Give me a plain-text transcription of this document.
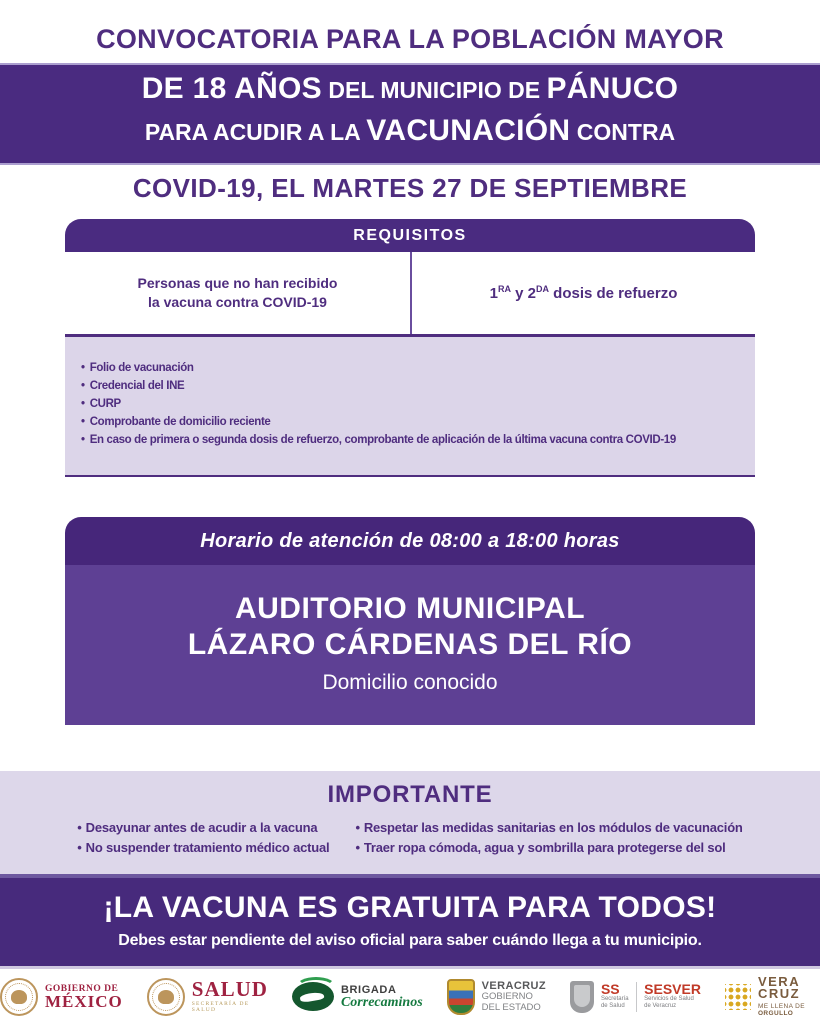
CONVOCATORIA PARA LA POBLACIÓN MAYOR
DE 18 AÑOS DEL MUNICIPIO DE PÁNUCO
PARA ACUDIR A LA VACUNACIÓN CONTRA
COVID-19, EL MARTES 27 DE SEPTIEMBRE
REQUISITOS
Personas que no han recibido
la vacuna contra COVID-19	$1^{RA}$ y $2^{DA}$ dosis de refuerzo
• Folio de vacunación
• Credencial del INE
• CURP
• Comprobante de domicilio reciente
• En caso de primera o segunda dosis de refuerzo, comprobante de aplicación de la última vacuna contra COVID-19
Horario de atención de 08:00 a 18:00 horas
AUDITORIO MUNICIPAL
LÁZARO CÁRDENAS DEL RÍO
Domicilio conocido
IMPORTANTE
• Desayunar antes de acudir a la vacuna
• No suspender tratamiento médico actual
• Respetar las medidas sanitarias en los módulos de vacunación
• Traer ropa cómoda, agua y sombrilla para protegerse del sol
¡LA VACUNA ES GRATUITA PARA TODOS!
Debes estar pendiente del aviso oficial para saber cuándo llega a tu municipio.
GOBIERNO DE
MÉXICO	SALUD
SECRETARÍA DE SALUD
BRIGADA
Correcaminos
VERACRUZ
GOBIERNO
DEL ESTADO
SS
Secretaría
de Salud
SESVER
Servicios de Salud
de Veracruz
VERA
CRUZ
ME LLENA DE ORGULLO
